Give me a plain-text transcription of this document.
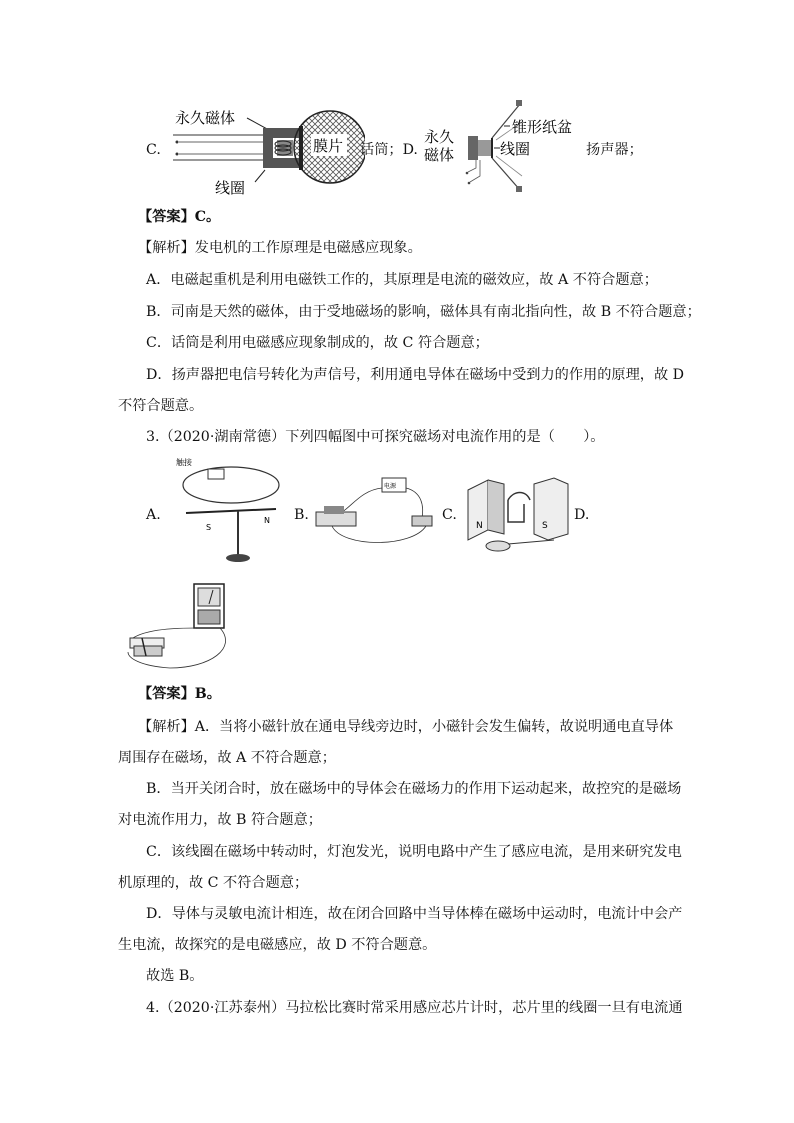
C.
永久磁体
膜片
线圈
话筒；D.
永久
磁体
锥形纸盆
线圈	扬声器；
【答案】C。
【解析】发电机的工作原理是电磁感应现象。
A．电磁起重机是利用电磁铁工作的，其原理是电流的磁效应，故 A 不符合题意；
B．司南是天然的磁体，由于受地磁场的影响，磁体具有南北指向性，故 B 不符合题意；
C．话筒是利用电磁感应现象制成的，故 C 符合题意；
D．扬声器把电信号转化为声信号，利用通电导体在磁场中受到力的作用的原理，故 D
不符合题意。
3.（2020·湖南常德）下列四幅图中可探究磁场对电流作用的是（　　）。
A.
触接
S
N B.
电源
C.
N	S
D.
【答案】B。
【解析】A．当将小磁针放在通电导线旁边时，小磁针会发生偏转，故说明通电直导体
周围存在磁场，故 A 不符合题意；
B．当开关闭合时，放在磁场中的导体会在磁场力的作用下运动起来，故控究的是磁场
对电流作用力，故 B 符合题意；
C．该线圈在磁场中转动时，灯泡发光，说明电路中产生了感应电流，是用来研究发电
机原理的，故 C 不符合题意；
D．导体与灵敏电流计相连，故在闭合回路中当导体棒在磁场中运动时，电流计中会产
生电流，故探究的是电磁感应，故 D 不符合题意。
故选 B。
4.（2020·江苏泰州）马拉松比赛时常采用感应芯片计时，芯片里的线圈一旦有电流通
